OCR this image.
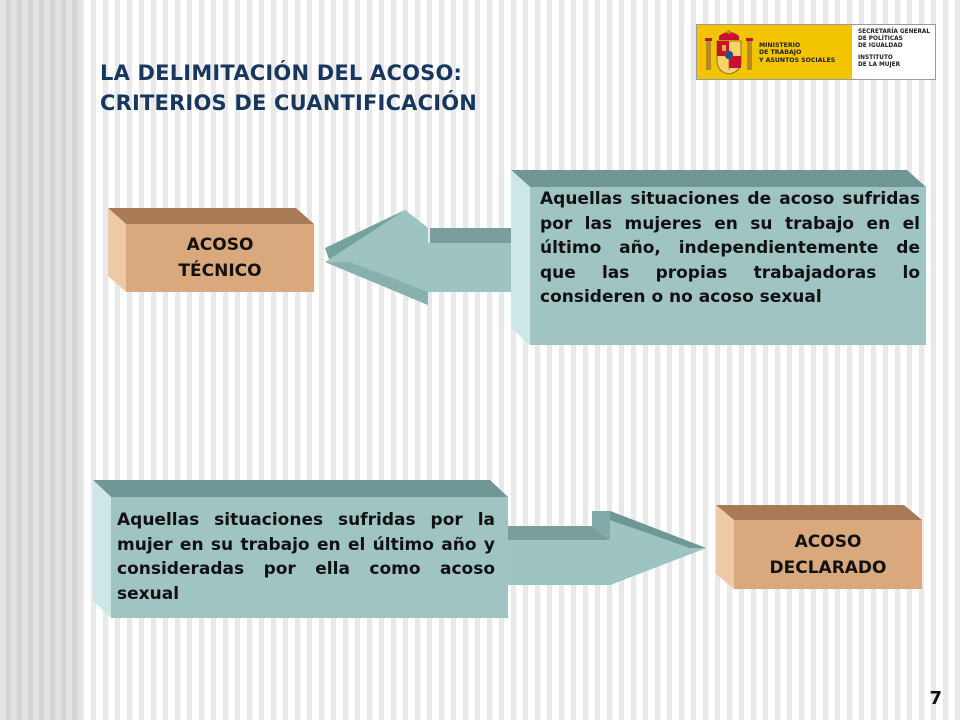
LA DELIMITACIÓN DEL ACOSO:
CRITERIOS DE CUANTIFICACIÓN
MINISTERIO
DE TRABAJO
Y ASUNTOS SOCIALES
SECRETARÍA GENERAL
DE POLÍTICAS
DE IGUALDAD
INSTITUTO
DE LA MUJER
ACOSO
TÉCNICO
Aquellas situaciones de acoso sufridas por las mujeres en su trabajo en el último año, independientemente de que las propias trabajadoras lo consideren o no acoso sexual
Aquellas situaciones sufridas por la mujer en su trabajo en el último año y consideradas por ella como acoso sexual
ACOSO
DECLARADO
7
